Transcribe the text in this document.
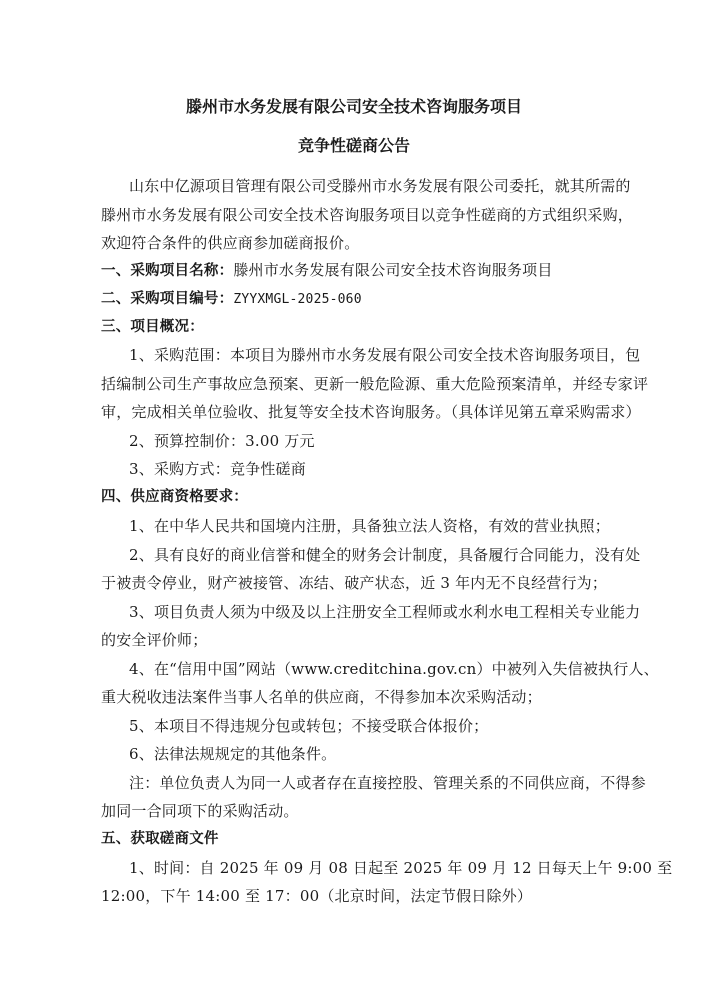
滕州市水务发展有限公司安全技术咨询服务项目
竞争性磋商公告
山东中亿源项目管理有限公司受滕州市水务发展有限公司委托，就其所需的
滕州市水务发展有限公司安全技术咨询服务项目以竞争性磋商的方式组织采购，
欢迎符合条件的供应商参加磋商报价。
一、采购项目名称：滕州市水务发展有限公司安全技术咨询服务项目
二、采购项目编号：ZYYXMGL-2025-060
三、项目概况：
1、采购范围：本项目为滕州市水务发展有限公司安全技术咨询服务项目，包
括编制公司生产事故应急预案、更新一般危险源、重大危险预案清单，并经专家评
审，完成相关单位验收、批复等安全技术咨询服务。（具体详见第五章采购需求）
2、预算控制价：3.00 万元
3、采购方式：竞争性磋商
四、供应商资格要求：
1、在中华人民共和国境内注册，具备独立法人资格，有效的营业执照；
2、具有良好的商业信誉和健全的财务会计制度，具备履行合同能力，没有处
于被责令停业，财产被接管、冻结、破产状态，近 3 年内无不良经营行为；
3、项目负责人须为中级及以上注册安全工程师或水利水电工程相关专业能力
的安全评价师；
4、在“信用中国”网站（www.creditchina.gov.cn）中被列入失信被执行人、
重大税收违法案件当事人名单的供应商，不得参加本次采购活动；
5、本项目不得违规分包或转包；不接受联合体报价；
6、法律法规规定的其他条件。
注：单位负责人为同一人或者存在直接控股、管理关系的不同供应商，不得参
加同一合同项下的采购活动。
五、获取磋商文件
1、时间：自 2025 年 09 月 08 日起至 2025 年 09 月 12 日每天上午 9:00 至
12:00，下午 14:00 至 17：00（北京时间，法定节假日除外）
